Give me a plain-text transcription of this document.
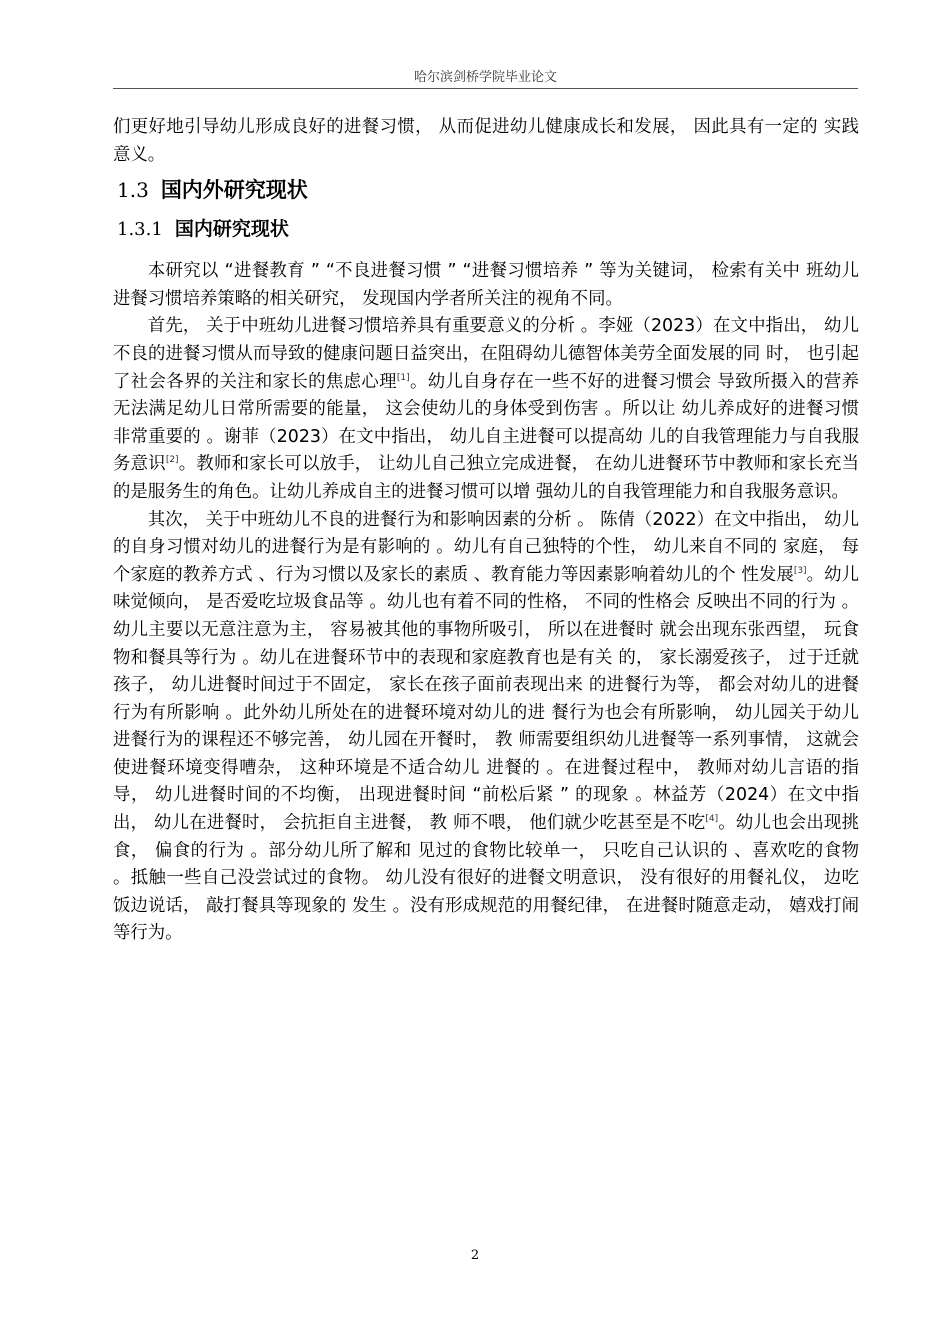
哈尔滨剑桥学院毕业论文

们更好地引导幼儿形成良好的进餐习惯， 从而促进幼儿健康成长和发展， 因此具有一定的 实践意义。

1.3 国内外研究现状
1.3.1 国内研究现状

本研究以 “进餐教育 ” “不良进餐习惯 ” “进餐习惯培养 ” 等为关键词， 检索有关中 班幼儿进餐习惯培养策略的相关研究， 发现国内学者所关注的视角不同。

首先， 关于中班幼儿进餐习惯培养具有重要意义的分析 。李娅（2023）在文中指出， 幼儿不良的进餐习惯从而导致的健康问题日益突出，在阻碍幼儿德智体美劳全面发展的同 时， 也引起了社会各界的关注和家长的焦虑心理[1]。幼儿自身存在一些不好的进餐习惯会 导致所摄入的营养无法满足幼儿日常所需要的能量， 这会使幼儿的身体受到伤害 。所以让 幼儿养成好的进餐习惯非常重要的 。谢菲（2023）在文中指出， 幼儿自主进餐可以提高幼 儿的自我管理能力与自我服务意识[2]。教师和家长可以放手， 让幼儿自己独立完成进餐， 在幼儿进餐环节中教师和家长充当的是服务生的角色。让幼儿养成自主的进餐习惯可以增 强幼儿的自我管理能力和自我服务意识。

其次， 关于中班幼儿不良的进餐行为和影响因素的分析 。 陈倩（2022）在文中指出， 幼儿的自身习惯对幼儿的进餐行为是有影响的 。幼儿有自己独特的个性， 幼儿来自不同的 家庭， 每个家庭的教养方式 、行为习惯以及家长的素质 、教育能力等因素影响着幼儿的个 性发展[3]。幼儿味觉倾向， 是否爱吃垃圾食品等 。幼儿也有着不同的性格， 不同的性格会 反映出不同的行为 。幼儿主要以无意注意为主， 容易被其他的事物所吸引， 所以在进餐时 就会出现东张西望， 玩食物和餐具等行为 。幼儿在进餐环节中的表现和家庭教育也是有关 的， 家长溺爱孩子， 过于迁就孩子， 幼儿进餐时间过于不固定， 家长在孩子面前表现出来 的进餐行为等， 都会对幼儿的进餐行为有所影响 。此外幼儿所处在的进餐环境对幼儿的进 餐行为也会有所影响， 幼儿园关于幼儿进餐行为的课程还不够完善， 幼儿园在开餐时， 教 师需要组织幼儿进餐等一系列事情， 这就会使进餐环境变得嘈杂， 这种环境是不适合幼儿 进餐的 。在进餐过程中， 教师对幼儿言语的指导， 幼儿进餐时间的不均衡， 出现进餐时间 “前松后紧 ” 的现象 。林益芳（2024）在文中指出， 幼儿在进餐时， 会抗拒自主进餐， 教 师不喂， 他们就少吃甚至是不吃[4]。幼儿也会出现挑食， 偏食的行为 。部分幼儿所了解和 见过的食物比较单一， 只吃自己认识的 、喜欢吃的食物 。抵触一些自己没尝试过的食物。 幼儿没有很好的进餐文明意识， 没有很好的用餐礼仪， 边吃饭边说话， 敲打餐具等现象的 发生 。没有形成规范的用餐纪律， 在进餐时随意走动， 嬉戏打闹等行为。

2
